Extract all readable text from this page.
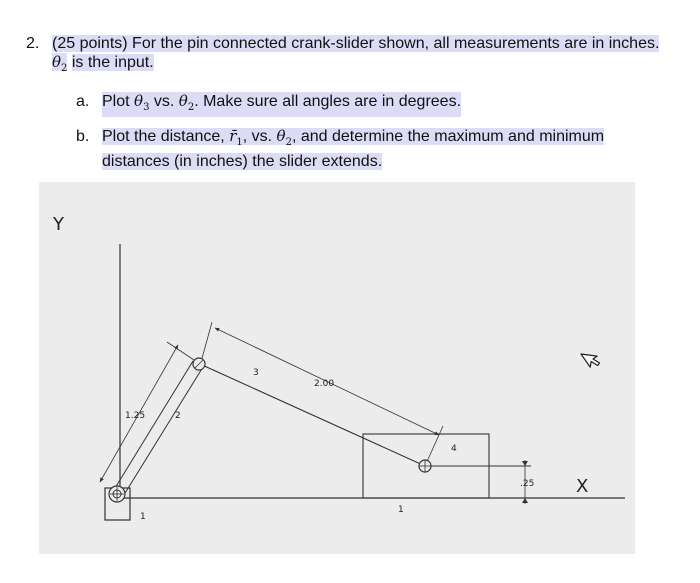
2. (25 points) For the pin connected crank-slider shown, all measurements are in inches. $\theta_2$ is the input.
a. Plot $\theta_3$ vs. $\theta_2$. Make sure all angles are in degrees.
b. Plot the distance, $r̄_1$, vs. $\theta_2$, and determine the maximum and minimum distances (in inches) the slider extends.
Y
X
1
2
1.25
3
2.00
4
1
.25
